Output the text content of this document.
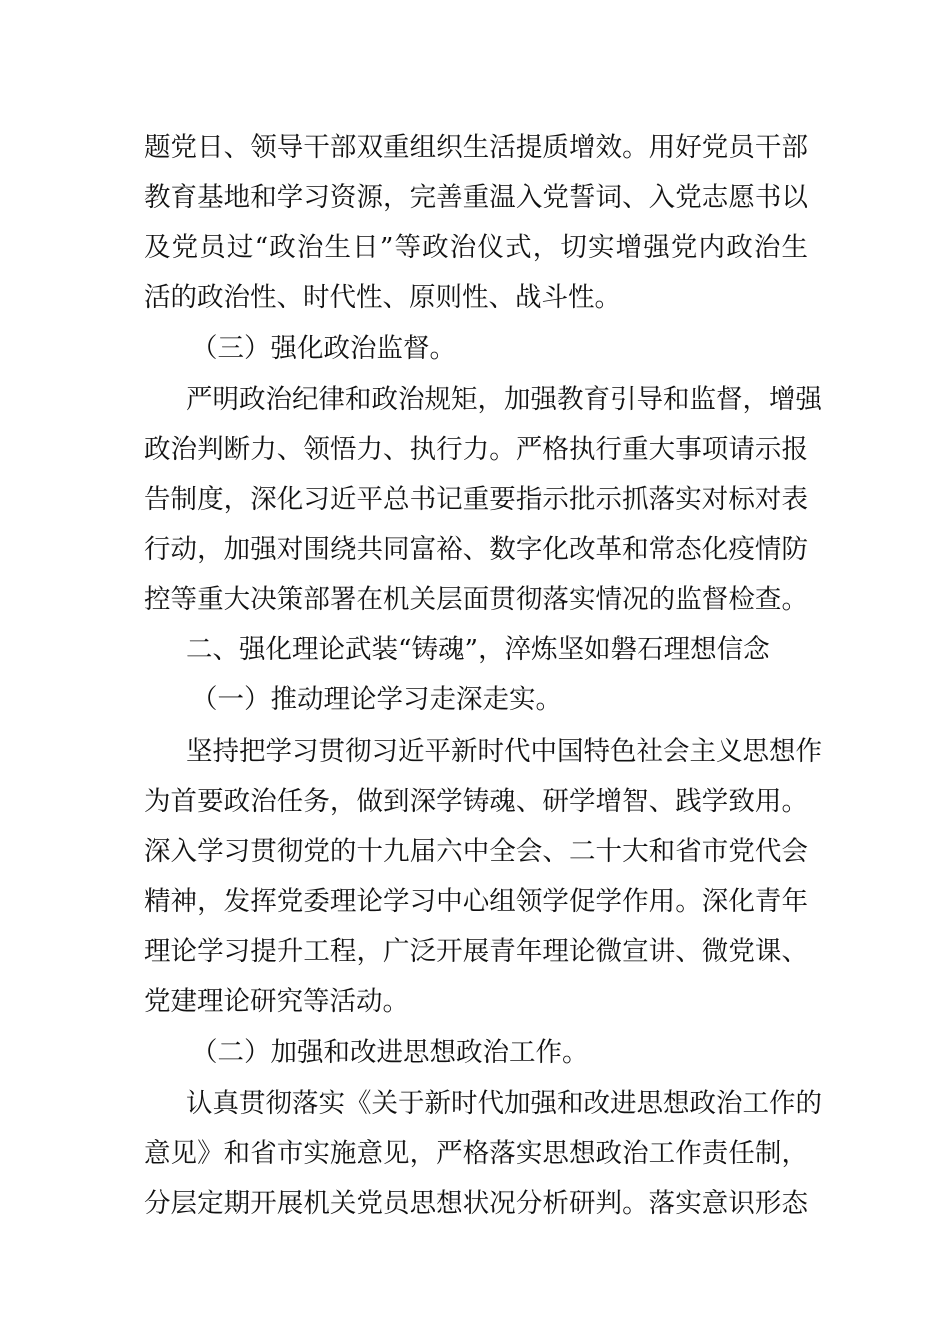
题党日、领导干部双重组织生活提质增效。用好党员干部
教育基地和学习资源，完善重温入党誓词、入党志愿书以
及党员过“政治生日”等政治仪式，切实增强党内政治生
活的政治性、时代性、原则性、战斗性。
（三）强化政治监督。
严明政治纪律和政治规矩，加强教育引导和监督，增强
政治判断力、领悟力、执行力。严格执行重大事项请示报
告制度，深化习近平总书记重要指示批示抓落实对标对表
行动，加强对围绕共同富裕、数字化改革和常态化疫情防
控等重大决策部署在机关层面贯彻落实情况的监督检查。
二、强化理论武装“铸魂”，淬炼坚如磐石理想信念
（一）推动理论学习走深走实。
坚持把学习贯彻习近平新时代中国特色社会主义思想作
为首要政治任务，做到深学铸魂、研学增智、践学致用。
深入学习贯彻党的十九届六中全会、二十大和省市党代会
精神，发挥党委理论学习中心组领学促学作用。深化青年
理论学习提升工程，广泛开展青年理论微宣讲、微党课、
党建理论研究等活动。
（二）加强和改进思想政治工作。
认真贯彻落实《关于新时代加强和改进思想政治工作的
意见》和省市实施意见，严格落实思想政治工作责任制，
分层定期开展机关党员思想状况分析研判。落实意识形态
